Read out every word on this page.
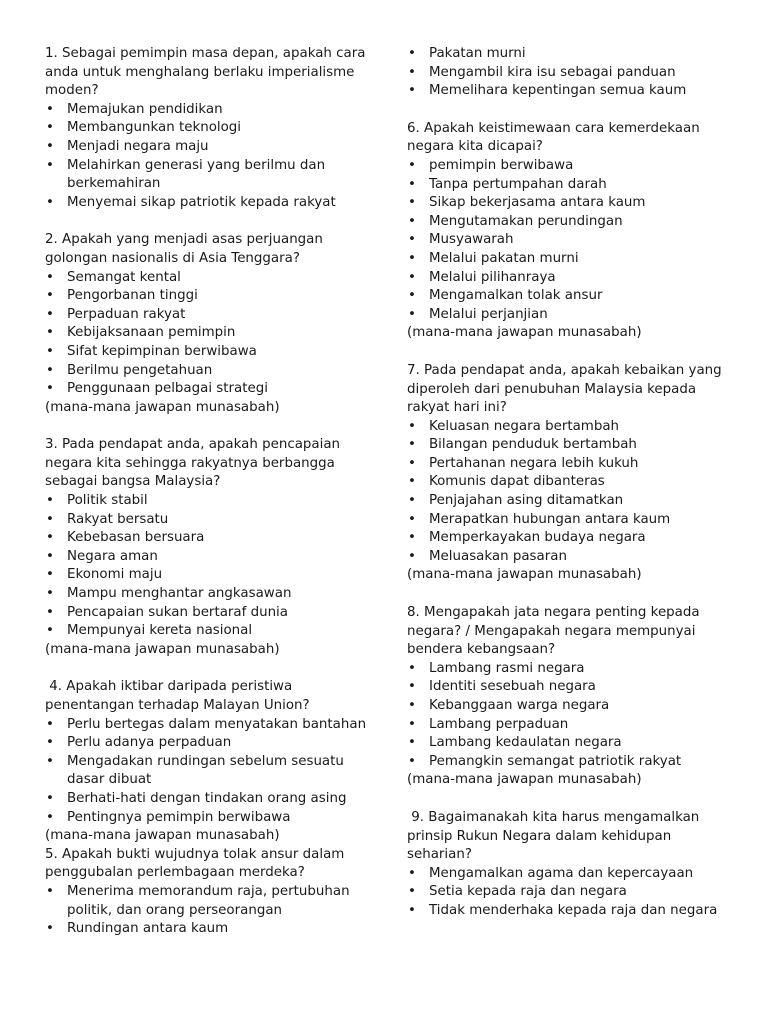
1. Sebagai pemimpin masa depan, apakah cara anda untuk menghalang berlaku imperialisme moden?

• Memajukan pendidikan
• Membangunkan teknologi
• Menjadi negara maju
• Melahirkan generasi yang berilmu dan berkemahiran
• Menyemai sikap patriotik kepada rakyat

2. Apakah yang menjadi asas perjuangan golongan nasionalis di Asia Tenggara?

• Semangat kental
• Pengorbanan tinggi
• Perpaduan rakyat
• Kebijaksanaan pemimpin
• Sifat kepimpinan berwibawa
• Berilmu pengetahuan
• Penggunaan pelbagai strategi

(mana-mana jawapan munasabah)

3. Pada pendapat anda, apakah pencapaian negara kita sehingga rakyatnya berbangga sebagai bangsa Malaysia?

• Politik stabil
• Rakyat bersatu
• Kebebasan bersuara
• Negara aman
• Ekonomi maju
• Mampu menghantar angkasawan
• Pencapaian sukan bertaraf dunia
• Mempunyai kereta nasional

(mana-mana jawapan munasabah)

4. Apakah iktibar daripada peristiwa penentangan terhadap Malayan Union?

• Perlu bertegas dalam menyatakan bantahan
• Perlu adanya perpaduan
• Mengadakan rundingan sebelum sesuatu dasar dibuat
• Berhati-hati dengan tindakan orang asing
• Pentingnya pemimpin berwibawa

(mana-mana jawapan munasabah)

5. Apakah bukti wujudnya tolak ansur dalam penggubalan perlembagaan merdeka?

• Menerima memorandum raja, pertubuhan politik, dan orang perseorangan
• Rundingan antara kaum
• Pakatan murni
• Mengambil kira isu sebagai panduan
• Memelihara kepentingan semua kaum

6. Apakah keistimewaan cara kemerdekaan negara kita dicapai?

• pemimpin berwibawa
• Tanpa pertumpahan darah
• Sikap bekerjasama antara kaum
• Mengutamakan perundingan
• Musyawarah
• Melalui pakatan murni
• Melalui pilihanraya
• Mengamalkan tolak ansur
• Melalui perjanjian

(mana-mana jawapan munasabah)

7. Pada pendapat anda, apakah kebaikan yang diperoleh dari penubuhan Malaysia kepada rakyat hari ini?

• Keluasan negara bertambah
• Bilangan penduduk bertambah
• Pertahanan negara lebih kukuh
• Komunis dapat dibanteras
• Penjajahan asing ditamatkan
• Merapatkan hubungan antara kaum
• Memperkayakan budaya negara
• Meluasakan pasaran

(mana-mana jawapan munasabah)

8. Mengapakah jata negara penting kepada negara? / Mengapakah negara mempunyai bendera kebangsaan?

• Lambang rasmi negara
• Identiti sesebuah negara
• Kebanggaan warga negara
• Lambang perpaduan
• Lambang kedaulatan negara
• Pemangkin semangat patriotik rakyat

(mana-mana jawapan munasabah)

9. Bagaimanakah kita harus mengamalkan prinsip Rukun Negara dalam kehidupan seharian?

• Mengamalkan agama dan kepercayaan
• Setia kepada raja dan negara
• Tidak menderhaka kepada raja dan negara
